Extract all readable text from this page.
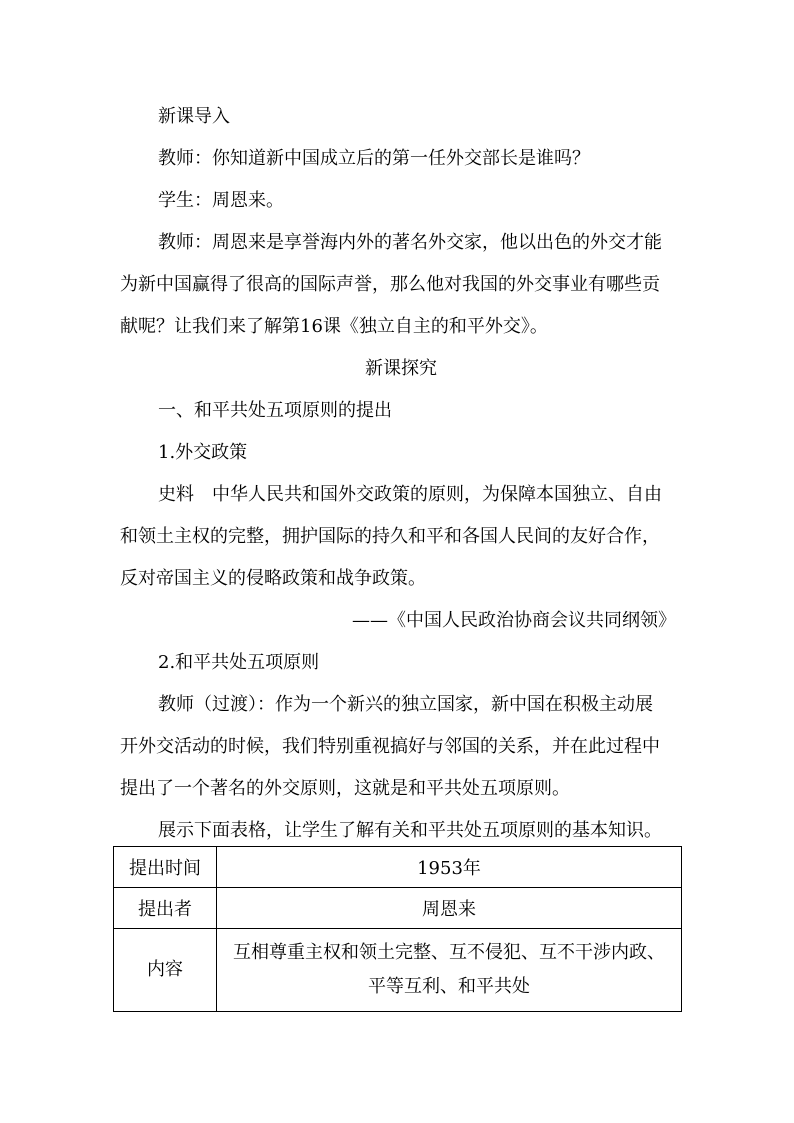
新课导入
教师：你知道新中国成立后的第一任外交部长是谁吗？
学生：周恩来。
教师：周恩来是享誉海内外的著名外交家，他以出色的外交才能
为新中国赢得了很高的国际声誉，那么他对我国的外交事业有哪些贡
献呢？让我们来了解第16课《独立自主的和平外交》。
新课探究
一、和平共处五项原则的提出
1.外交政策
史料 中华人民共和国外交政策的原则，为保障本国独立、自由
和领土主权的完整，拥护国际的持久和平和各国人民间的友好合作，
反对帝国主义的侵略政策和战争政策。
——《中国人民政治协商会议共同纲领》
2.和平共处五项原则
教师（过渡）：作为一个新兴的独立国家，新中国在积极主动展
开外交活动的时候，我们特别重视搞好与邻国的关系，并在此过程中
提出了一个著名的外交原则，这就是和平共处五项原则。
展示下面表格，让学生了解有关和平共处五项原则的基本知识。
提出时间	1953年
提出者	周恩来
内容	互相尊重主权和领土完整、互不侵犯、互不干涉内政、
平等互利、和平共处
